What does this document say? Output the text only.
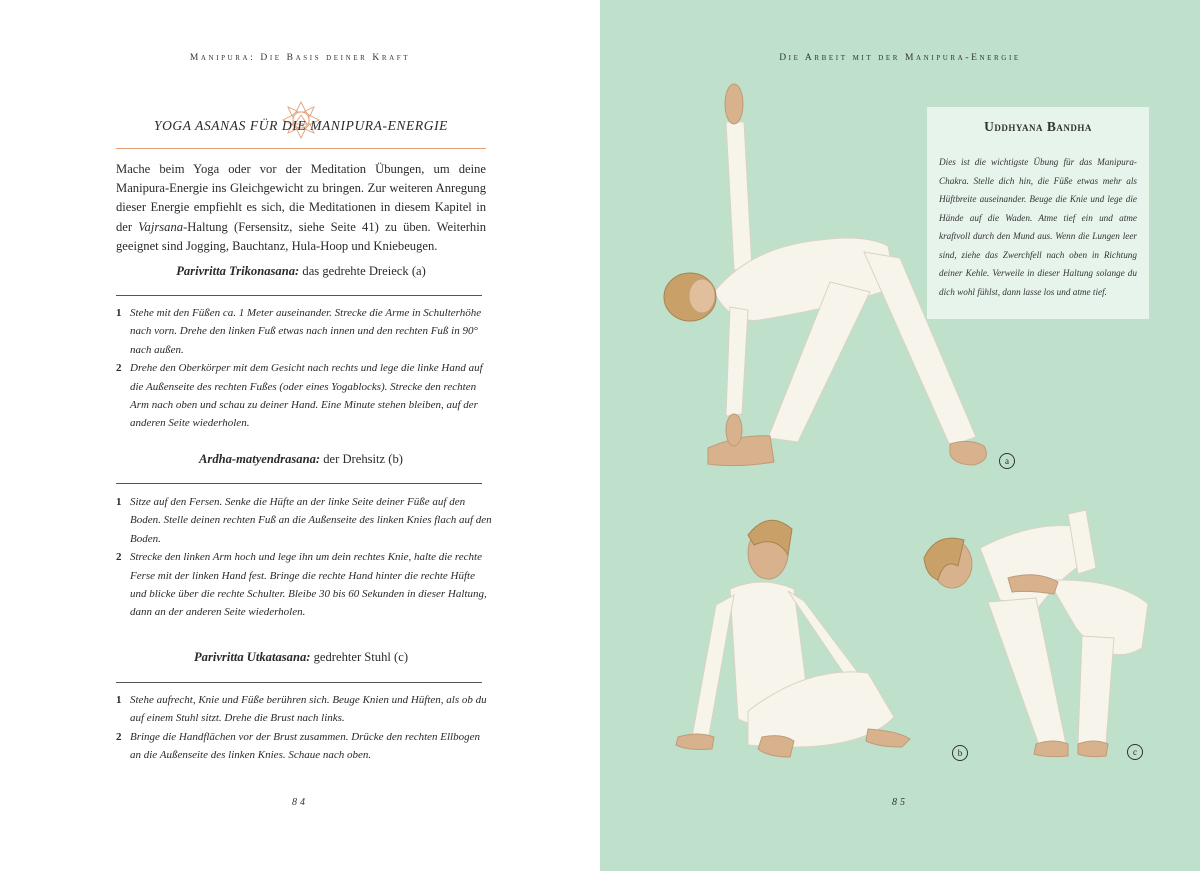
Manipura: Die Basis deiner Kraft
YOGA ASANAS FÜR DIE MANIPURA-ENERGIE

Mache beim Yoga oder vor der Meditation Übungen, um deine Manipura-Energie ins Gleichgewicht zu bringen. Zur weiteren Anregung dieser Energie empfiehlt es sich, die Meditationen in diesem Kapitel in der Vajrsana-Haltung (Fersensitz, siehe Seite 41) zu üben. Weiterhin geeignet sind Jogging, Bauchtanz, Hula-Hoop und Kniebeugen.

Parivritta Trikonasana: das gedrehte Dreieck (a)
1 Stehe mit den Füßen ca. 1 Meter auseinander. Strecke die Arme in Schulterhöhe nach vorn. Drehe den linken Fuß etwas nach innen und den rechten Fuß in 90° nach außen.
2 Drehe den Oberkörper mit dem Gesicht nach rechts und lege die linke Hand auf die Außenseite des rechten Fußes (oder eines Yogablocks). Strecke den rechten Arm nach oben und schau zu deiner Hand. Eine Minute stehen bleiben, auf der anderen Seite wiederholen.
Ardha-matyendrasana: der Drehsitz (b)
1 Sitze auf den Fersen. Senke die Hüfte an der linke Seite deiner Füße auf den Boden. Stelle deinen rechten Fuß an die Außenseite des linken Knies flach auf den Boden.
2 Strecke den linken Arm hoch und lege ihn um dein rechtes Knie, halte die rechte Ferse mit der linken Hand fest. Bringe die rechte Hand hinter die rechte Hüfte und blicke über die rechte Schulter. Bleibe 30 bis 60 Sekunden in dieser Haltung, dann an der anderen Seite wiederholen.
Parivritta Utkatasana: gedrehter Stuhl (c)
1 Stehe aufrecht, Knie und Füße berühren sich. Beuge Knien und Hüften, als ob du auf einem Stuhl sitzt. Drehe die Brust nach links.
2 Bringe die Handflächen vor der Brust zusammen. Drücke den rechten Ellbogen an die Außenseite des linken Knies. Schaue nach oben.
84
Die Arbeit mit der Manipura-Energie
a
b	c
Uddhyana Bandha
Dies ist die wichtigste Übung für das Manipura-Chakra. Stelle dich hin, die Füße etwas mehr als Hüftbreite auseinander. Beuge die Knie und lege die Hände auf die Waden. Atme tief ein und atme kraftvoll durch den Mund aus. Wenn die Lungen leer sind, ziehe das Zwerchfell nach oben in Richtung deiner Kehle. Verweile in dieser Haltung solange du dich wohl fühlst, dann lasse los und atme tief.
85
